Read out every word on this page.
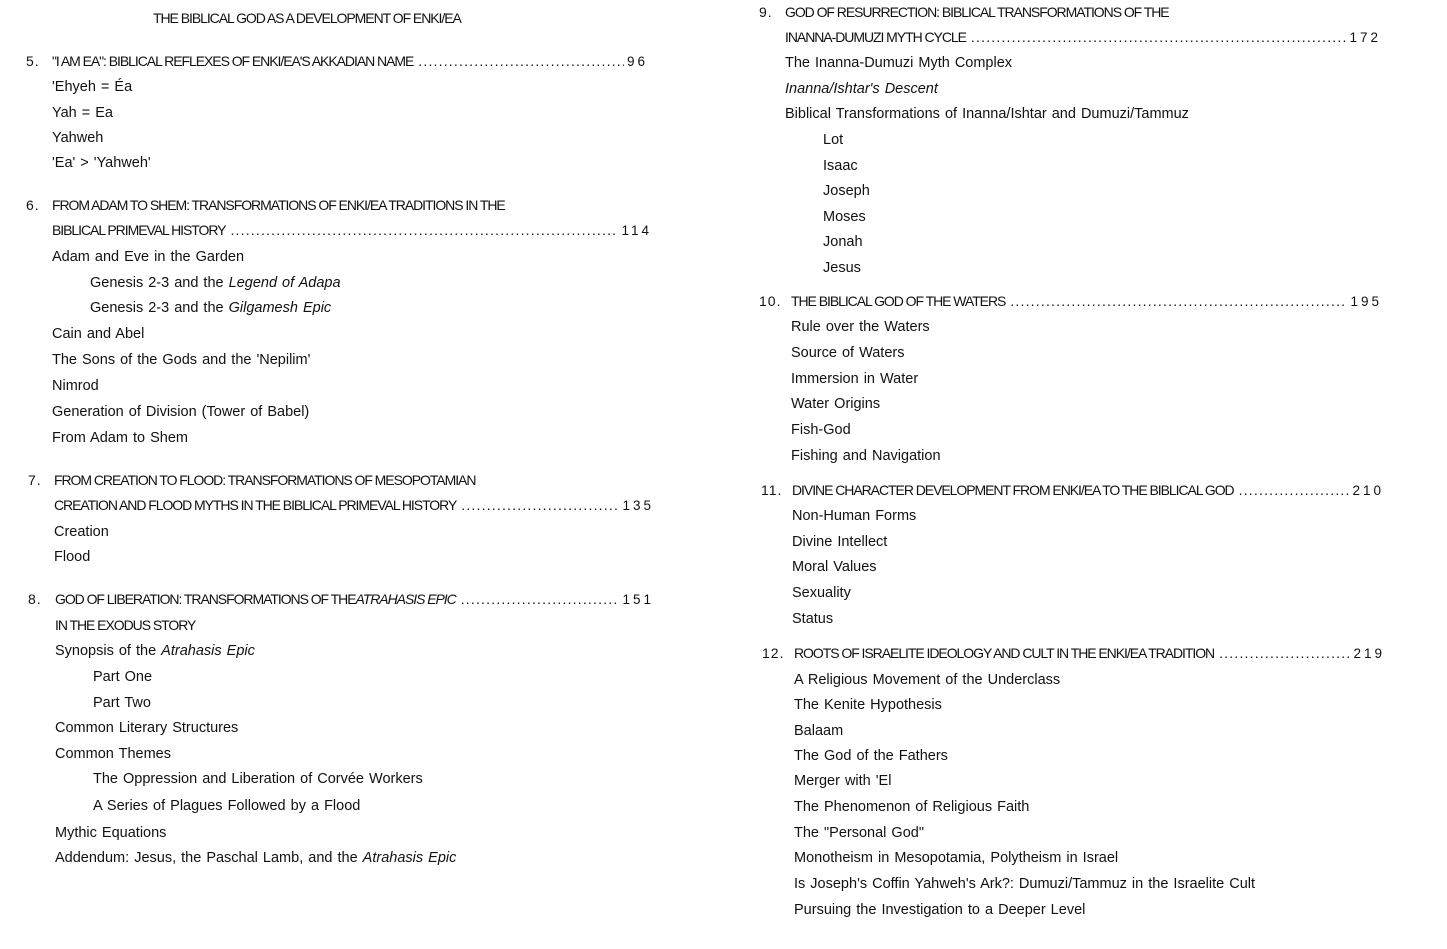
THE BIBLICAL GOD AS A DEVELOPMENT OF ENKI/EA
5. "I AM EA": BIBLICAL REFLEXES OF ENKI/EA'S AKKADIAN NAME .....	96
'Ehyeh = Éa
Yah = Ea
Yahweh
'Ea' > 'Yahweh'
6. FROM ADAM TO SHEM: TRANSFORMATIONS OF ENKI/EA TRADITIONS IN THE
BIBLICAL PRIMEVAL HISTORY .....	114
Adam and Eve in the Garden
Genesis 2-3 and the Legend of Adapa
Genesis 2-3 and the Gilgamesh Epic
Cain and Abel
The Sons of the Gods and the 'Nepilim'
Nimrod
Generation of Division (Tower of Babel)
From Adam to Shem
7. FROM CREATION TO FLOOD: TRANSFORMATIONS OF MESOPOTAMIAN
CREATION AND FLOOD MYTHS IN THE BIBLICAL PRIMEVAL HISTORY .....	135
Creation
Flood
8. GOD OF LIBERATION: TRANSFORMATIONS OF THE ATRAHASIS EPIC .....	151
IN THE EXODUS STORY
Synopsis of the Atrahasis Epic
Part One
Part Two
Common Literary Structures
Common Themes
The Oppression and Liberation of Corvée Workers
A Series of Plagues Followed by a Flood
Mythic Equations
Addendum: Jesus, the Paschal Lamb, and the Atrahasis Epic
9. GOD OF RESURRECTION: BIBLICAL TRANSFORMATIONS OF THE
INANNA-DUMUZI MYTH CYCLE .....	172
The Inanna-Dumuzi Myth Complex
Inanna/Ishtar's Descent
Biblical Transformations of Inanna/Ishtar and Dumuzi/Tammuz
Lot
Isaac
Joseph
Moses
Jonah
Jesus
10. THE BIBLICAL GOD OF THE WATERS .....	195
Rule over the Waters
Source of Waters
Immersion in Water
Water Origins
Fish-God
Fishing and Navigation
11. DIVINE CHARACTER DEVELOPMENT FROM ENKI/EA TO THE BIBLICAL GOD .....	210
Non-Human Forms
Divine Intellect
Moral Values
Sexuality
Status
12. ROOTS OF ISRAELITE IDEOLOGY AND CULT IN THE ENKI/EA TRADITION .....	219
A Religious Movement of the Underclass
The Kenite Hypothesis
Balaam
The God of the Fathers
Merger with 'El
The Phenomenon of Religious Faith
The "Personal God"
Monotheism in Mesopotamia, Polytheism in Israel
Is Joseph's Coffin Yahweh's Ark?: Dumuzi/Tammuz in the Israelite Cult
Pursuing the Investigation to a Deeper Level
